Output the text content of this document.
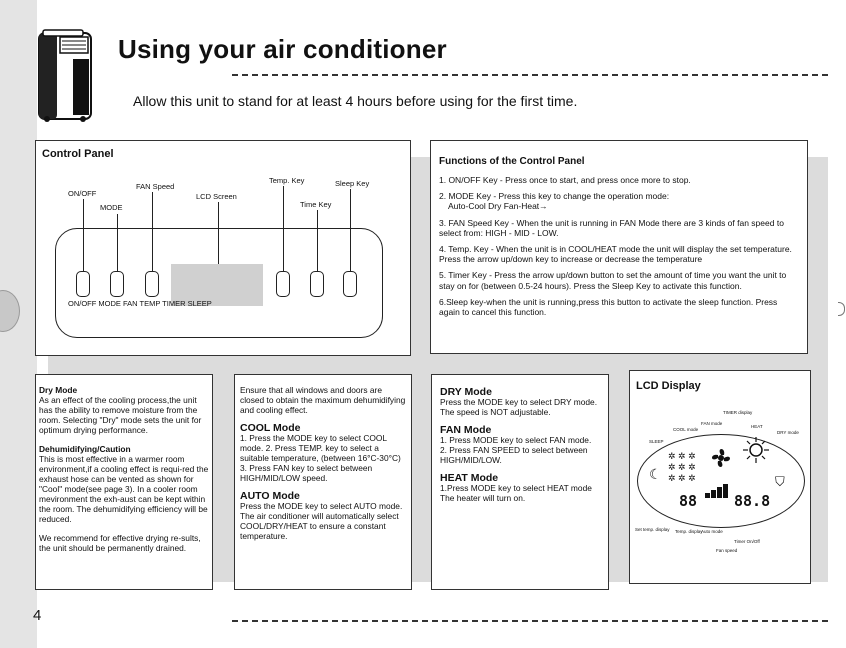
Using your air conditioner
Allow this unit to stand for at least 4 hours before using for the first time.
Control Panel
ON/OFF
MODE
FAN Speed
LCD Screen
Temp. Key
Time Key
Sleep Key
ON/OFF MODE FAN TEMP TIMER SLEEP
Functions of the Control Panel
1. ON/OFF Key - Press once to start, and press once more to stop.
2. MODE Key - Press this key to change the operation mode:
Auto-Cool Dry Fan-Heat→
3. FAN Speed Key - When the unit is running in FAN Mode there are 3 kinds of fan speed to select from: HIGH - MID - LOW.
4. Temp. Key - When the unit is in COOL/HEAT mode the unit will display the set temperature. Press the arrow up/down key to increase or decrease the temperature
5. Timer Key - Press the arrow up/down button to set the amount of time you want the unit to stay on for (between 0.5-24 hours). Press the Sleep Key to activate this function.
6.Sleep key-when the unit is running,press this button to activate the sleep function. Press again to cancel this function.
Dry Mode
As an effect of the cooling process,the unit has the ability to remove moisture from the room. Selecting "Dry" mode sets the unit for optimum drying performance.
Dehumidifying/Caution
This is most effective in a warmer room environment,if a cooling effect is requi-red the exhaust hose can be vented as shown for "Cool" mode(see page 3). In a cooler room mevironment the exh-aust can be kept within the room. The dehumidifying efficiency will be reduced.
We recommend for effective drying re-sults, the unit should be permanently drained.
Ensure that all windows and doors are closed to obtain the maximum dehumidifying and cooling effect.
COOL Mode
1. Press the MODE key to select COOL mode. 2. Press TEMP. key to select a suitable temperature, (between 16°C-30°C) 3. Press FAN key to select between HIGH/MID/LOW speed.
AUTO Mode
Press the MODE key to select AUTO mode. The air conditioner will automatically select COOL/DRY/HEAT to ensure a constant temperature.
DRY Mode
Press the MODE key to select DRY mode. The speed is NOT adjustable.
FAN Mode
1. Press MODE key to select FAN mode. 2. Press FAN SPEED to select between HIGH/MID/LOW.
HEAT Mode
1.Press MODE key to select HEAT mode The heater will turn on.
LCD Display
TIMER display
FAN mode
COOL mode
HEAT
DRY mode
SLEEP
✲ ✲ ✲
✲ ✲ ✲
✲ ✲ ✲	⛉
☾
88 88.8
Set temp. display Temp. display
Auto mode
Timer On/Off
Fan speed
4
